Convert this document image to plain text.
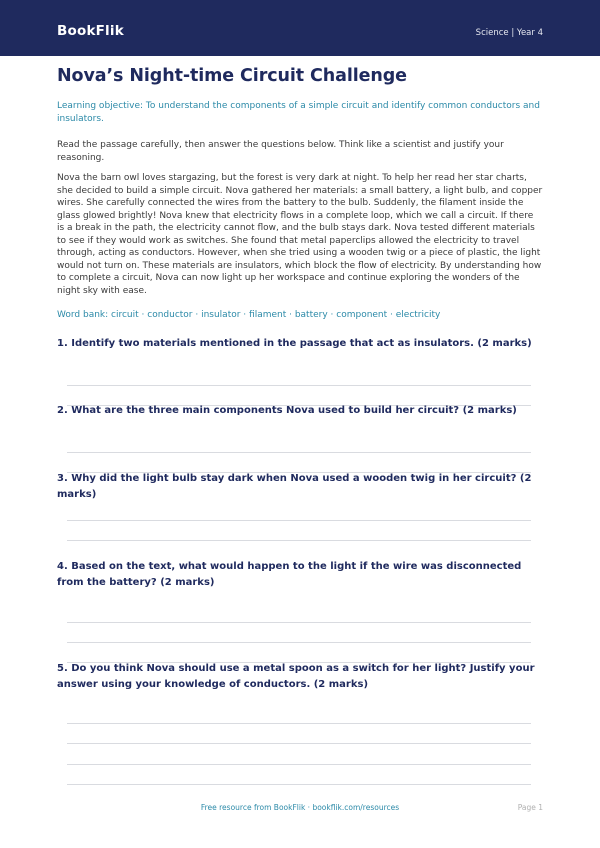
BookFlik	Science | Year 4
Nova’s Night-time Circuit Challenge
Learning objective: To understand the components of a simple circuit and identify common conductors and insulators.
Read the passage carefully, then answer the questions below. Think like a scientist and justify your reasoning.
Nova the barn owl loves stargazing, but the forest is very dark at night. To help her read her star charts, she decided to build a simple circuit. Nova gathered her materials: a small battery, a light bulb, and copper wires. She carefully connected the wires from the battery to the bulb. Suddenly, the filament inside the glass glowed brightly! Nova knew that electricity flows in a complete loop, which we call a circuit. If there is a break in the path, the electricity cannot flow, and the bulb stays dark. Nova tested different materials to see if they would work as switches. She found that metal paperclips allowed the electricity to travel through, acting as conductors. However, when she tried using a wooden twig or a piece of plastic, the light would not turn on. These materials are insulators, which block the flow of electricity. By understanding how to complete a circuit, Nova can now light up her workspace and continue exploring the wonders of the night sky with ease.
Word bank: circuit · conductor · insulator · filament · battery · component · electricity
1. Identify two materials mentioned in the passage that act as insulators. (2 marks)
2. What are the three main components Nova used to build her circuit? (2 marks)
3. Why did the light bulb stay dark when Nova used a wooden twig in her circuit? (2 marks)
4. Based on the text, what would happen to the light if the wire was disconnected from the battery? (2 marks)
5. Do you think Nova should use a metal spoon as a switch for her light? Justify your answer using your knowledge of conductors. (2 marks)
Free resource from BookFlik · bookflik.com/resources	Page 1
